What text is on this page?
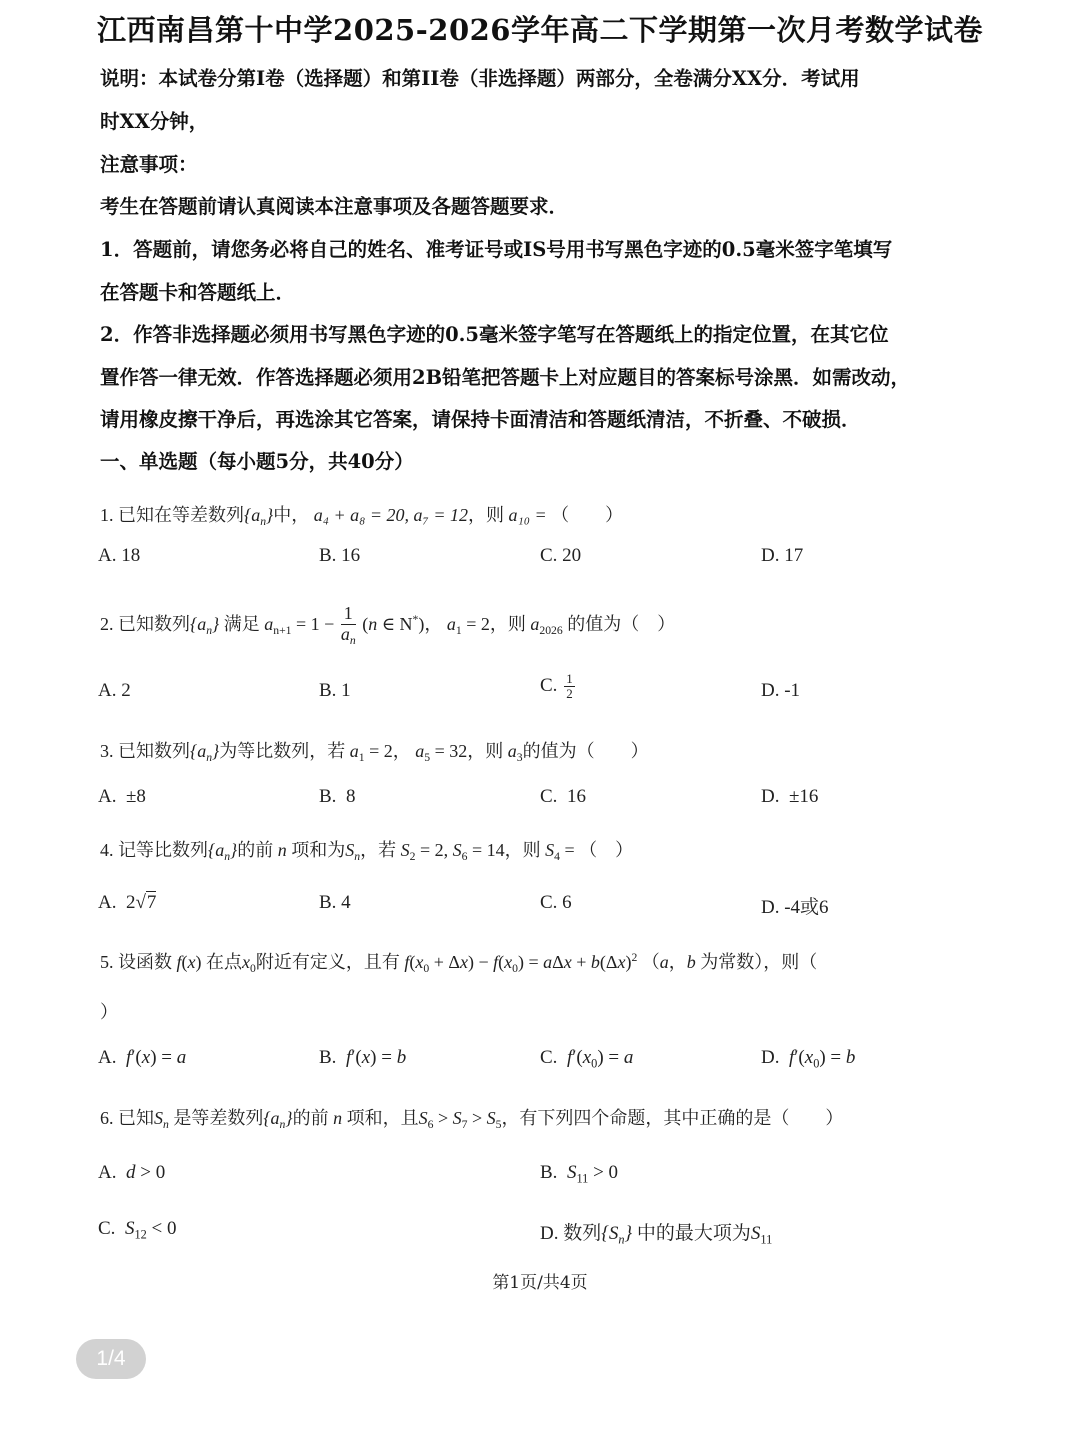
江西南昌第十中学2025-2026学年高二下学期第一次月考数学试卷
说明：本试卷分第I卷（选择题）和第II卷（非选择题）两部分，全卷满分XX分．考试用
时XX分钟，
注意事项：
考生在答题前请认真阅读本注意事项及各题答题要求．
1．答题前，请您务必将自己的姓名、准考证号或IS号用书写黑色字迹的0.5毫米签字笔填写
在答题卡和答题纸上．
2．作答非选择题必须用书写黑色字迹的0.5毫米签字笔写在答题纸上的指定位置，在其它位
置作答一律无效．作答选择题必须用2B铅笔把答题卡上对应题目的答案标号涂黑．如需改动，
请用橡皮擦干净后，再选涂其它答案，请保持卡面清洁和答题纸清洁，不折叠、不破损．
一、单选题（每小题5分，共40分）
1. 已知在等差数列$\{a_n\}$中， a₄ + a₈ = 20, a₇ = 12，则 a₁₀ = （　　）
A. 18	B. 16	C. 20	D. 17
2. 已知数列$\{a_n\}$ 满足 $a_{n+1} = 1 - \frac{1}{a_n} (n$ ∈ N*)， $a_1 = 2$，则 $a_{2026}$ 的值为（　）
A. 2	B. 1	C. $\frac{1}{2}$	D. -1
3. 已知数列$\{a_n\}$为等比数列，若 $a_1 = 2$， $a_5 = 32$，则 $a_3$的值为（　　）
A. ±8	B. 8	C. 16	D. ±16
4. 记等比数列$\{a_n\}$的前 n 项和为$S_n$，若 $S_2 = 2$, $S_6 = 14$，则 $S_4$ = （　）
A.  2√7	B. 4	C. 6	D. -4或6
5. 设函数 f(x) 在点$x_0$附近有定义，且有 $f(x_0 + \Delta x) - f(x_0) = a\Delta x + b(\Delta x)^2$ （a，b 为常数），则（
）
A. f′(x) = a	B. f′(x) = b	C. $f'(x_0) = a$	D. $f'(x_0) = b$
6. 已知$S_n$ 是等差数列$\{a_n\}$的前 n 项和，且$S_6 > S_7 > S_5$，有下列四个命题，其中正确的是（　　）
A. d > 0	B. $S_{11} > 0$
C. $S_{12} < 0$	D. 数列$\{S_n\}$ 中的最大项为$S_{11}$
第1页/共4页
1/4
